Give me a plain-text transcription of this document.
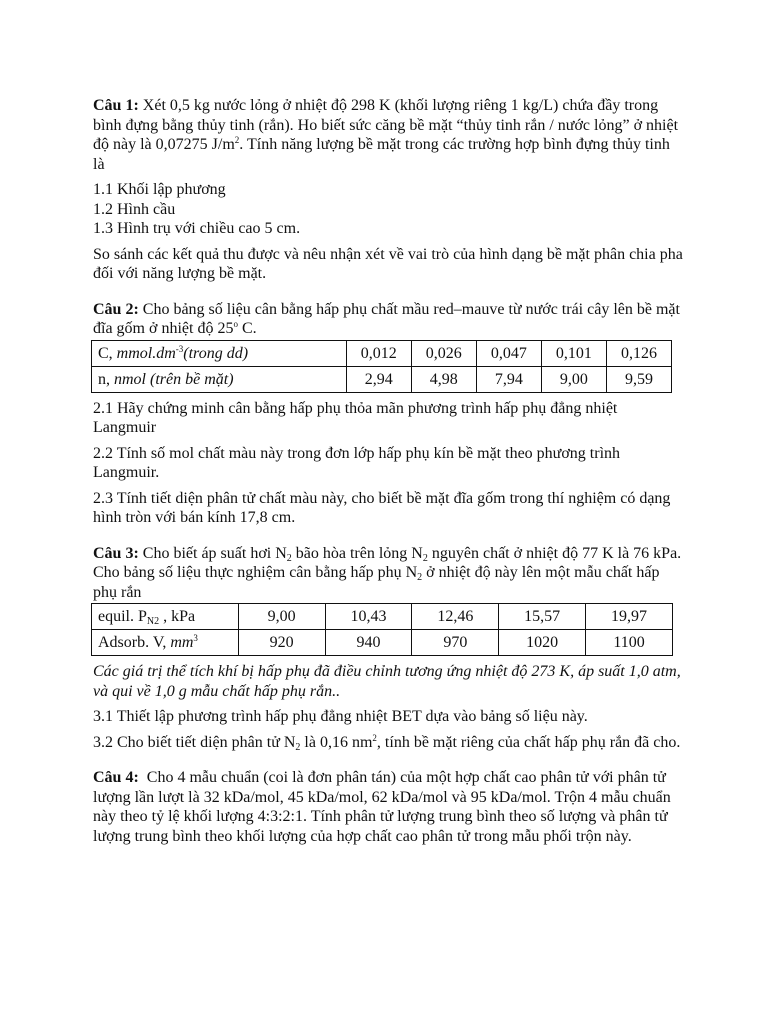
Câu 1: Xét 0,5 kg nước lỏng ở nhiệt độ 298 K (khối lượng riêng 1 kg/L) chứa đầy trong bình đựng bằng thủy tinh (rắn). Ho biết sức căng bề mặt “thủy tinh rắn / nước lỏng” ở nhiệt độ này là 0,07275 $J/m^2$. Tính năng lượng bề mặt trong các trường hợp bình đựng thủy tinh là

1.1 Khối lập phương

1.2 Hình cầu

1.3 Hình trụ với chiều cao 5 cm.

So sánh các kết quả thu được và nêu nhận xét về vai trò của hình dạng bề mặt phân chia pha đối với năng lượng bề mặt.

Câu 2: Cho bảng số liệu cân bằng hấp phụ chất mầu red–mauve từ nước trái cây lên bề mặt đĩa gốm ở nhiệt độ 25$^o$ C.

C, $mmol.dm^{-3}(trong$ dd)	0,012	0,026	0,047	0,101	0,126
n, nmol (trên bề mặt)	2,94	4,98	7,94	9,00	9,59

2.1 Hãy chứng minh cân bằng hấp phụ thỏa mãn phương trình hấp phụ đẳng nhiệt Langmuir

2.2 Tính số mol chất màu này trong đơn lớp hấp phụ kín bề mặt theo phương trình Langmuir.

2.3 Tính tiết diện phân tử chất màu này, cho biết bề mặt đĩa gốm trong thí nghiệm có dạng hình tròn với bán kính 17,8 cm.

Câu 3: Cho biết áp suất hơi $N_2$ bão hòa trên lỏng $N_2$ nguyên chất ở nhiệt độ 77 K là 76 kPa. Cho bảng số liệu thực nghiệm cân bằng hấp phụ $N_2$ ở nhiệt độ này lên một mẫu chất hấp phụ rắn

equil. $P_{N2}$ , kPa	9,00	10,43	12,46	15,57	19,97
Adsorb. V, $mm^3$	920	940	970	1020	1100

Các giá trị thể tích khí bị hấp phụ đã điều chỉnh tương ứng nhiệt độ 273 K, áp suất 1,0 atm, và qui về 1,0 g mẫu chất hấp phụ rắn..

3.1 Thiết lập phương trình hấp phụ đẳng nhiệt BET dựa vào bảng số liệu này.

3.2 Cho biết tiết diện phân tử $N_2$ là 0,16 $nm^2$, tính bề mặt riêng của chất hấp phụ rắn đã cho.

Câu 4:  Cho 4 mẫu chuẩn (coi là đơn phân tán) của một hợp chất cao phân tử với phân tử lượng lần lượt là 32 kDa/mol, 45 kDa/mol, 62 kDa/mol và 95 kDa/mol. Trộn 4 mẫu chuẩn này theo tỷ lệ khối lượng 4:3:2:1. Tính phân tử lượng trung bình theo số lượng và phân tử lượng trung bình theo khối lượng của hợp chất cao phân tử trong mẫu phối trộn này.
